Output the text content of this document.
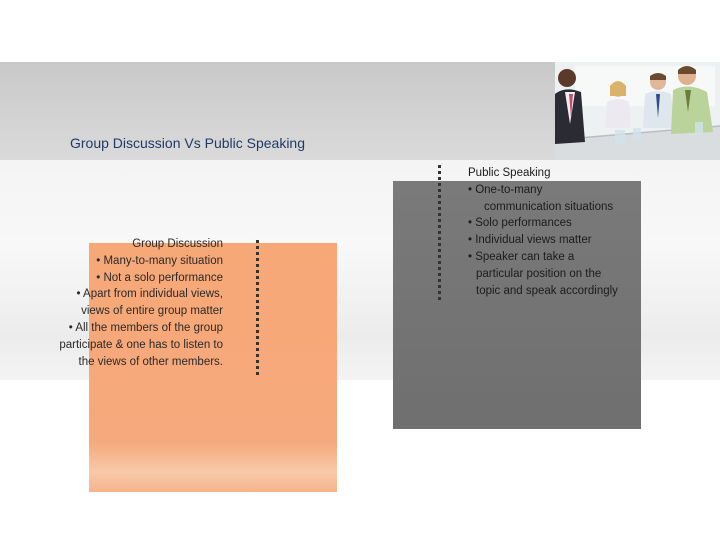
Group Discussion Vs Public Speaking
Group Discussion
• Many-to-many situation
• Not a solo performance
• Apart from individual views,
views of entire group matter
• All the members of the group
participate & one has to listen to
the views of other members.
Public Speaking
• One-to-many
communication situations
• Solo performances
• Individual views matter
• Speaker can take a
particular position on the
topic and speak accordingly
